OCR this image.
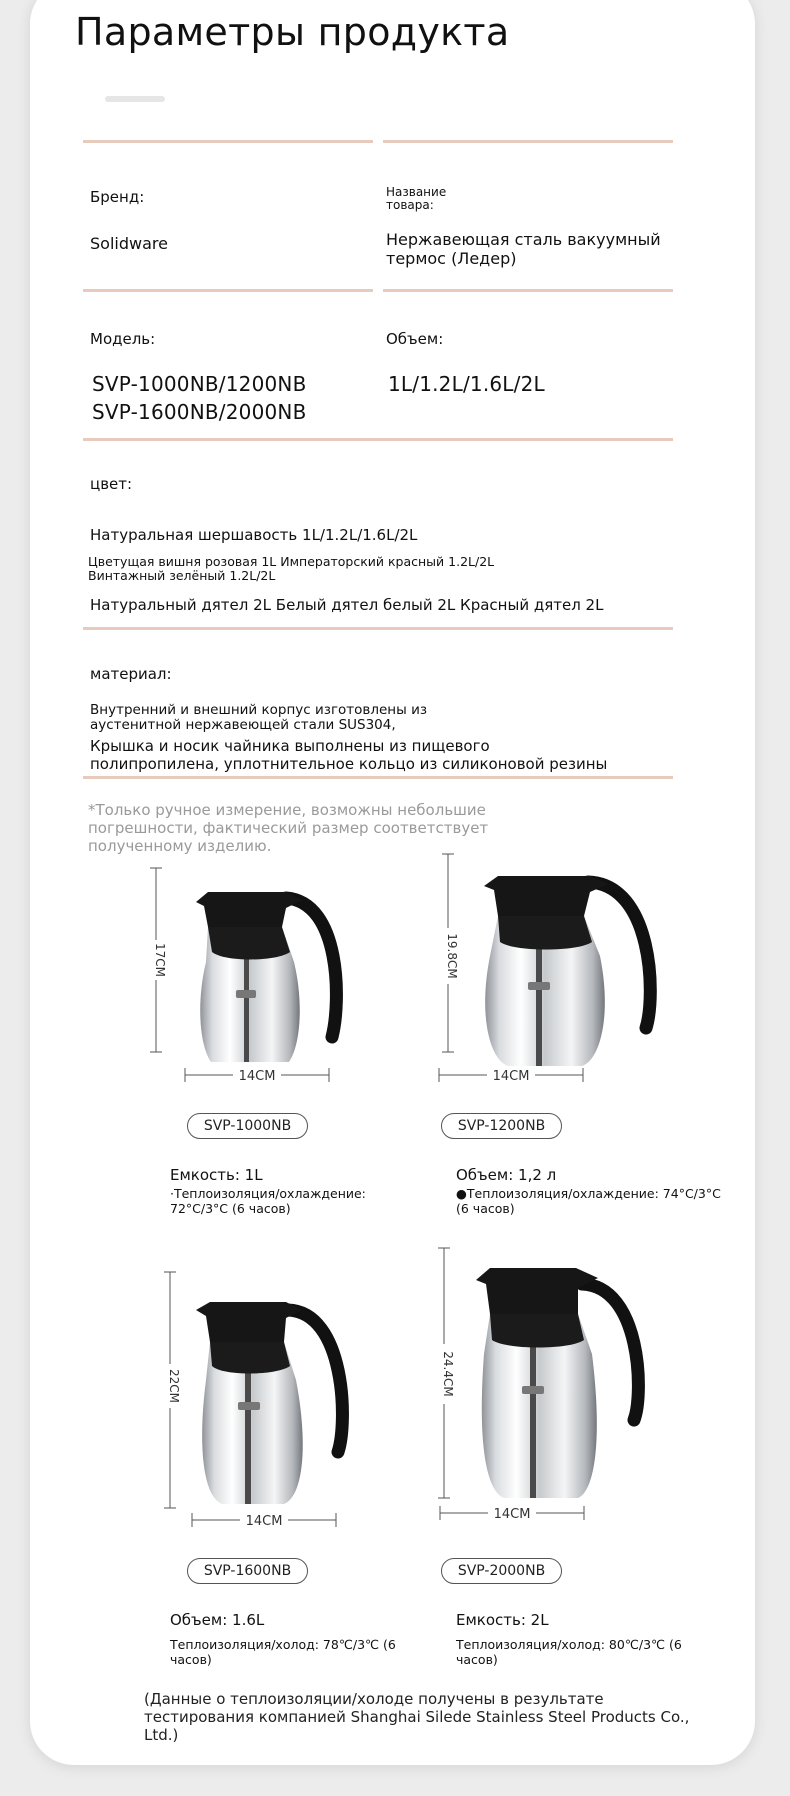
Параметры продукта
Бренд:
Solidware
Название товара:
Нержавеющая сталь вакуумный термос (Ледер)
Модель:
SVP-1000NB/1200NB
SVP-1600NB/2000NB
Объем:
1L/1.2L/1.6L/2L
цвет:
Натуральная шершавость 1L/1.2L/1.6L/2L
Цветущая вишня розовая 1L Императорский красный 1.2L/2L Винтажный зелёный 1.2L/2L
Натуральный дятел 2L Белый дятел белый 2L Красный дятел 2L
материал:
Внутренний и внешний корпус изготовлены из аустенитной нержавеющей стали SUS304,
Крышка и носик чайника выполнены из пищевого полипропилена, уплотнительное кольцо из силиконовой резины
*Только ручное измерение, возможны небольшие погрешности, фактический размер соответствует полученному изделию.
17CM
14CM
SVP-1000NB
Емкость: 1L
·Теплоизоляция/охлаждение: 72°C/3°C (6 часов)
19.8CM
14CM
SVP-1200NB
Объем: 1,2 л
●Теплоизоляция/охлаждение: 74°C/3°C (6 часов)
22CM
14CM
SVP-1600NB
Объем: 1.6L
Теплоизоляция/холод: 78℃/3℃ (6 часов)
24.4CM
14CM
SVP-2000NB
Емкость: 2L
Теплоизоляция/холод: 80℃/3℃ (6 часов)
(Данные о теплоизоляции/холоде получены в результате тестирования компанией Shanghai Silede Stainless Steel Products Co., Ltd.)
